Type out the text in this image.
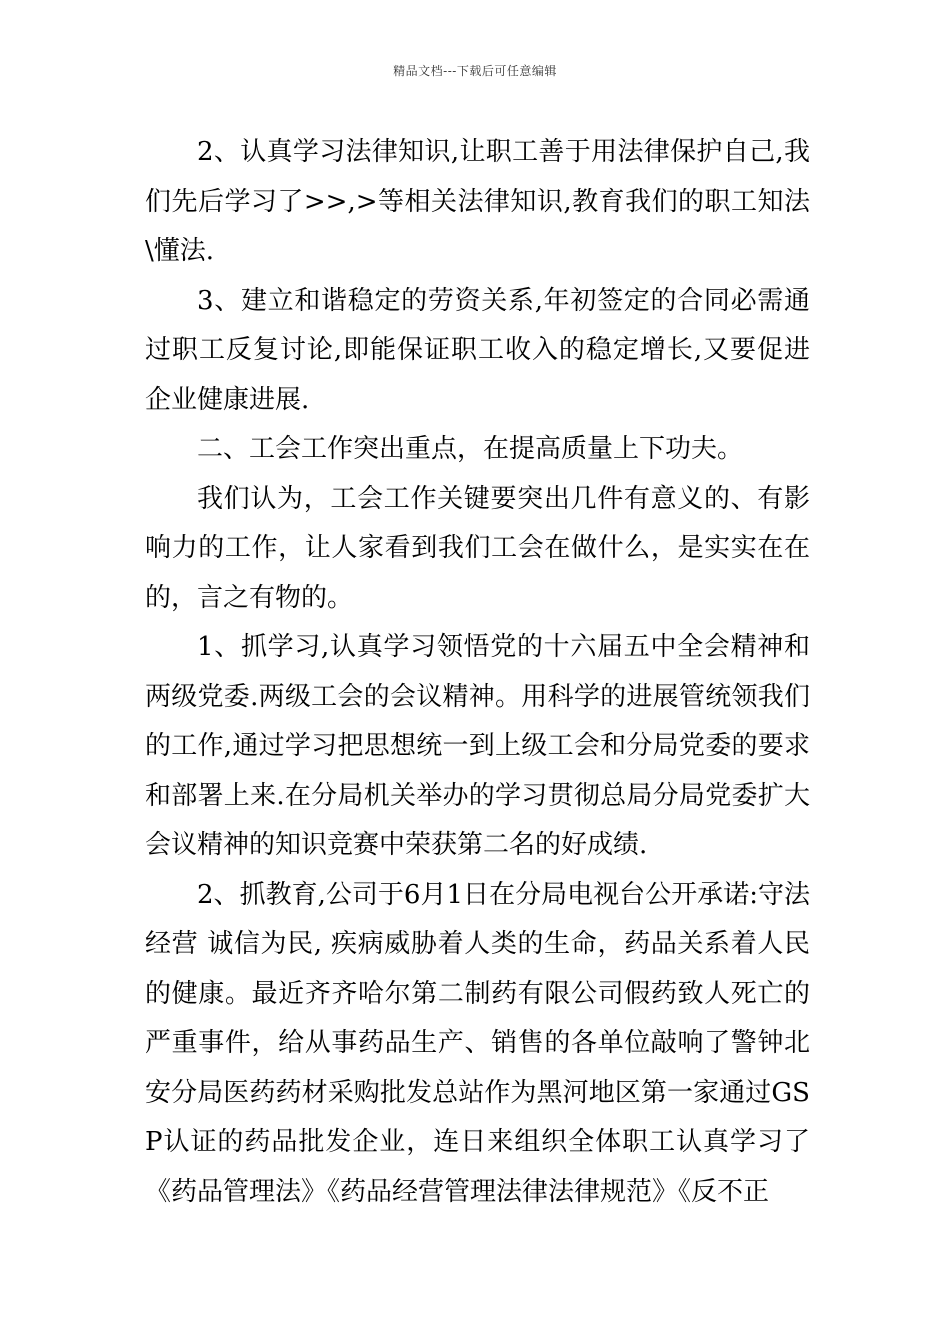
精品文档---下载后可任意编辑

2、认真学习法律知识,让职工善于用法律保护自己,我们先后学习了>>,>等相关法律知识,教育我们的职工知法\懂法.

3、建立和谐稳定的劳资关系,年初签定的合同必需通过职工反复讨论,即能保证职工收入的稳定增长,又要促进企业健康进展.

二、工会工作突出重点，在提高质量上下功夫。

我们认为，工会工作关键要突出几件有意义的、有影响力的工作，让人家看到我们工会在做什么，是实实在在的，言之有物的。

1、抓学习,认真学习领悟党的十六届五中全会精神和两级党委.两级工会的会议精神。用科学的进展管统领我们的工作,通过学习把思想统一到上级工会和分局党委的要求和部署上来.在分局机关举办的学习贯彻总局分局党委扩大会议精神的知识竞赛中荣获第二名的好成绩.

2、抓教育,公司于6月1日在分局电视台公开承诺:守法经营 诚信为民, 疾病威胁着人类的生命，药品关系着人民的健康。最近齐齐哈尔第二制药有限公司假药致人死亡的严重事件，给从事药品生产、销售的各单位敲响了警钟北安分局医药药材采购批发总站作为黑河地区第一家通过GSP认证的药品批发企业，连日来组织全体职工认真学习了《药品管理法》《药品经营管理法律法律规范》《反不正
